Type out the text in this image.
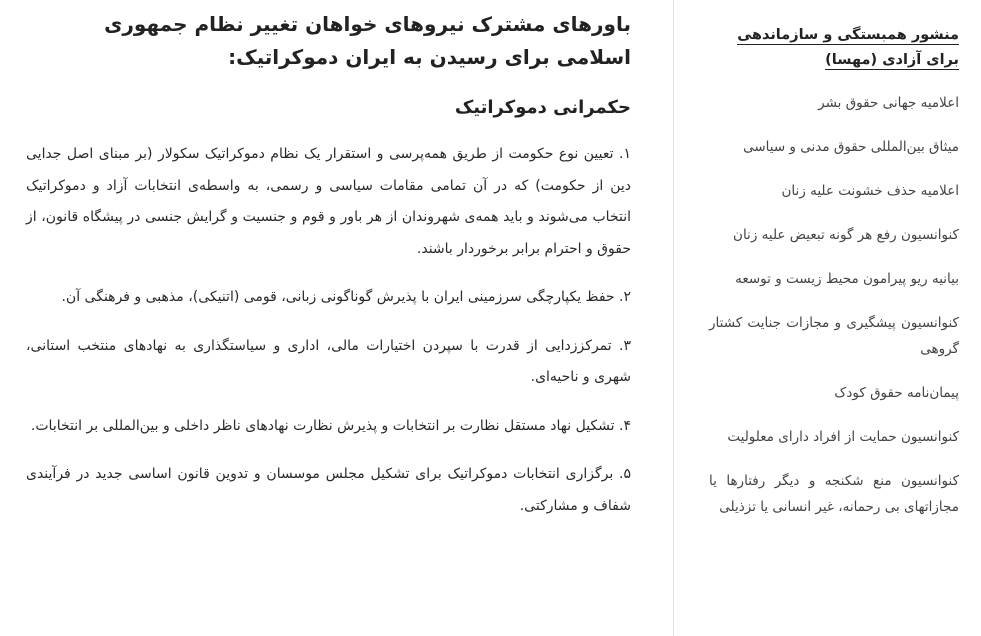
منشور همبستگی و سازماندهی برای آزادی (مهسا)
اعلامیه جهانی حقوق بشر
میثاق بین‌المللی حقوق مدنی و سیاسی
اعلامیه حذف خشونت علیه زنان
کنوانسیون رفع هر گونه تبعیض علیه زنان
بیانیه ریو پیرامون محیط زیست و توسعه
کنوانسیون پیشگیری و مجازات جنایت کشتار گروهی
پیمان‌نامه حقوق کودک
کنوانسیون حمایت از افراد دارای معلولیت
کنوانسیون منع شکنجه و دیگر رفتارها یا مجازاتهای بی رحمانه، غیر انسانی یا تزذیلی
باورهای مشترک نیروهای خواهان تغییر نظام جمهوری اسلامی برای رسیدن به ایران دموکراتیک:
حکمرانی دموکراتیک

۱. تعیین نوع حکومت از طریق همه‌پرسی و استقرار یک نظام دموکراتیک سکولار (بر مبنای اصل جدایی دین از حکومت) که در آن تمامی مقامات سیاسی و رسمی، به واسطه‌ی انتخابات آزاد و دموکراتیک انتخاب می‌شوند و باید همه‌ی شهروندان از هر باور و قوم و جنسیت و گرایش جنسی در پیشگاه قانون، از حقوق و احترام برابر برخوردار باشند.

۲. حفظ یکپارچگی سرزمینی ایران با پذیرش گوناگونی زبانی، قومی (اتنیکی)، مذهبی و فرهنگی آن.

۳. تمرکززدایی از قدرت با سپردن اختیارات مالی، اداری و سیاستگذاری به نهادهای منتخب استانی، شهری و ناحیه‌ای.

۴. تشکیل نهاد مستقل نظارت بر انتخابات و پذیرش نظارت نهادهای ناظر داخلی و بین‌المللی بر انتخابات.

۵. برگزاری انتخابات دموکراتیک برای تشکیل مجلس موسسان و تدوین قانون اساسی جدید در فرآیندی شفاف و مشارکتی.
